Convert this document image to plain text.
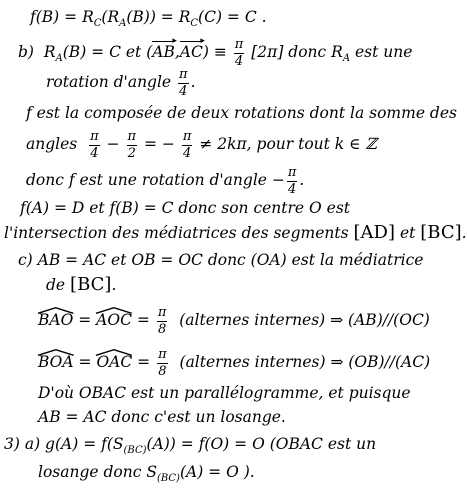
$f(B) = R_C(R_A(B)) = R_C(C) = C$ .
b) $R_A(B) = C$ et (
▸
AB,
▸
$AC) \equiv \frac{\pi}{4} [2\pi]$ donc $R_A$ est une
rotation d'angle $\frac{\pi}{4}$ .
f est la composée de deux rotations dont la somme des
angles $\frac{\pi}{4} - \frac{\pi}{2}$ = − $\frac{\pi}{4} \ne 2k\pi$, pour tout k ∈ ℤ
donc f est une rotation d'angle − $\frac{\pi}{4}$ .
f(A) = D et f(B) = C donc son centre O est
l'intersection des médiatrices des segments [AD] et [BC].
c) AB = AC et OB = OC donc (OA) est la médiatrice
de [BC].
BAO = AOC = $\frac{\pi}{8}$ (alternes internes) ⇒ (AB)//(OC)
BOA = OAC = $\frac{\pi}{8}$ (alternes internes) ⇒ (OB)//(AC)
D'où OBAC est un parallélogramme, et puisque
AB = AC donc c'est un losange.
3) a) $g(A) = f(S_{(BC)}(A)) = f(O) = O$ (OBAC est un
losange donc $S_{(BC)}(A) = O$ ).
